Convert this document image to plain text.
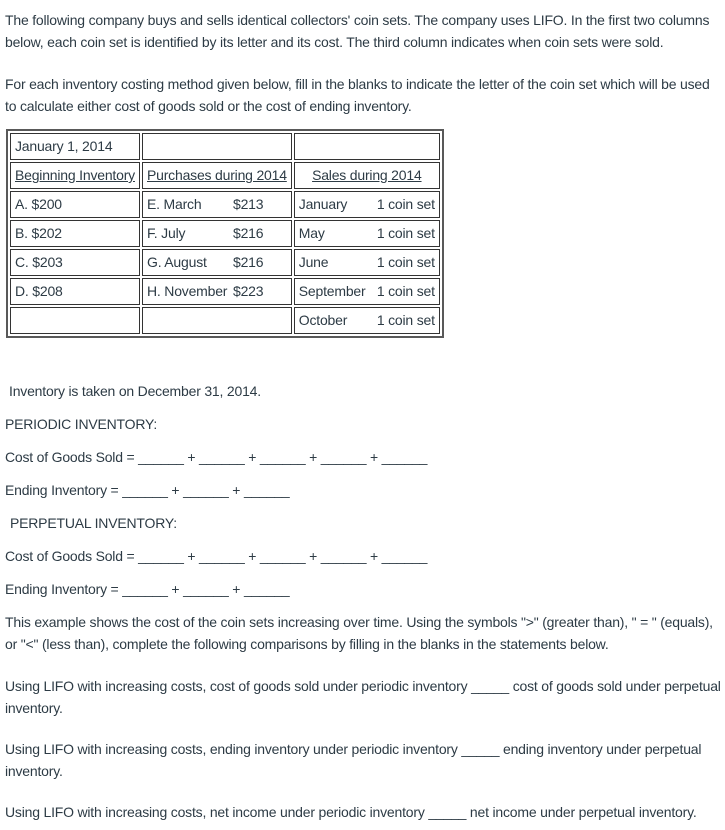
The following company buys and sells identical collectors' coin sets. The company uses LIFO. In the first two columns below, each coin set is identified by its letter and its cost. The third column indicates when coin sets were sold.

For each inventory costing method given below, fill in the blanks to indicate the letter of the coin set which will be used to calculate either cost of goods sold or the cost of ending inventory.

January 1, 2014		
Beginning Inventory	Purchases during 2014	Sales during 2014
A. $200	E. March $213	January 1 coin set

B. $202	F. July $216	May 1 coin set

C. $203	G. August $216	June 1 coin set

D. $208	H. November $223	September 1 coin set

		October 1 coin set

Inventory is taken on December 31, 2014.

PERIODIC INVENTORY:

Cost of Goods Sold = ______ + ______ + ______ + ______ + ______

Ending Inventory = ______ + ______ + ______

PERPETUAL INVENTORY:

Cost of Goods Sold = ______ + ______ + ______ + ______ + ______

Ending Inventory = ______ + ______ + ______

This example shows the cost of the coin sets increasing over time. Using the symbols ">" (greater than), " = " (equals), or "<" (less than), complete the following comparisons by filling in the blanks in the statements below.

Using LIFO with increasing costs, cost of goods sold under periodic inventory _____ cost of goods sold under perpetual inventory.

Using LIFO with increasing costs, ending inventory under periodic inventory _____ ending inventory under perpetual inventory.

Using LIFO with increasing costs, net income under periodic inventory _____ net income under perpetual inventory.
